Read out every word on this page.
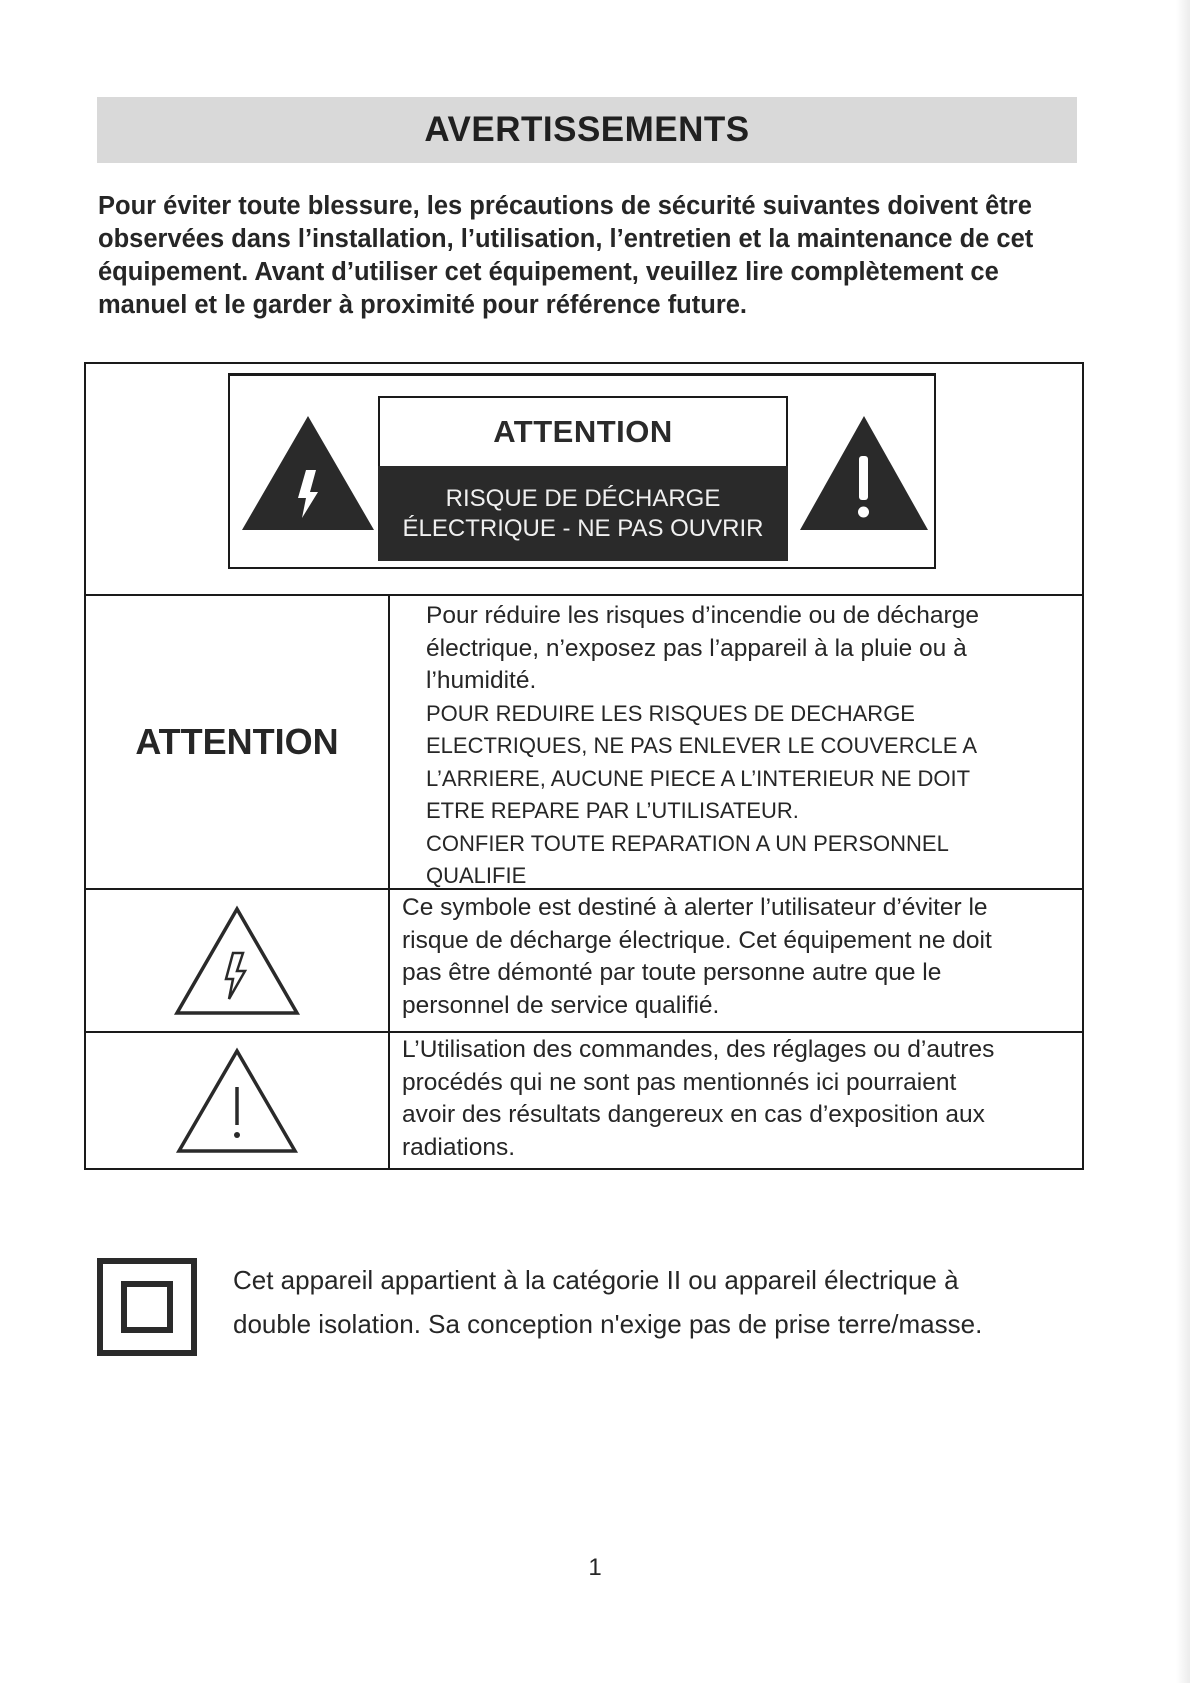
AVERTISSEMENTS
Pour éviter toute blessure, les précautions de sécurité suivantes doivent être
observées dans l’installation, l’utilisation, l’entretien et la maintenance de cet
équipement. Avant d’utiliser cet équipement, veuillez lire complètement ce
manuel et le garder à proximité pour référence future.
ATTENTION
RISQUE DE DÉCHARGE
ÉLECTRIQUE - NE PAS OUVRIR
ATTENTION
Pour réduire les risques d’incendie ou de décharge
électrique, n’exposez pas l’appareil à la pluie ou à
l’humidité.
POUR REDUIRE LES RISQUES DE DECHARGE
ELECTRIQUES, NE PAS ENLEVER LE COUVERCLE A
L’ARRIERE, AUCUNE PIECE A L’INTERIEUR NE DOIT
ETRE REPARE PAR L’UTILISATEUR.
CONFIER TOUTE REPARATION A UN PERSONNEL
QUALIFIE
Ce symbole est destiné à alerter l’utilisateur d’éviter le
risque de décharge électrique. Cet équipement ne doit
pas être démonté par toute personne autre que le
personnel de service qualifié.
L’Utilisation des commandes, des réglages ou d’autres
procédés qui ne sont pas mentionnés ici pourraient
avoir des résultats dangereux en cas d’exposition aux
radiations.
Cet appareil appartient à la catégorie II ou appareil électrique à
double isolation. Sa conception n'exige pas de prise terre/masse.
1
